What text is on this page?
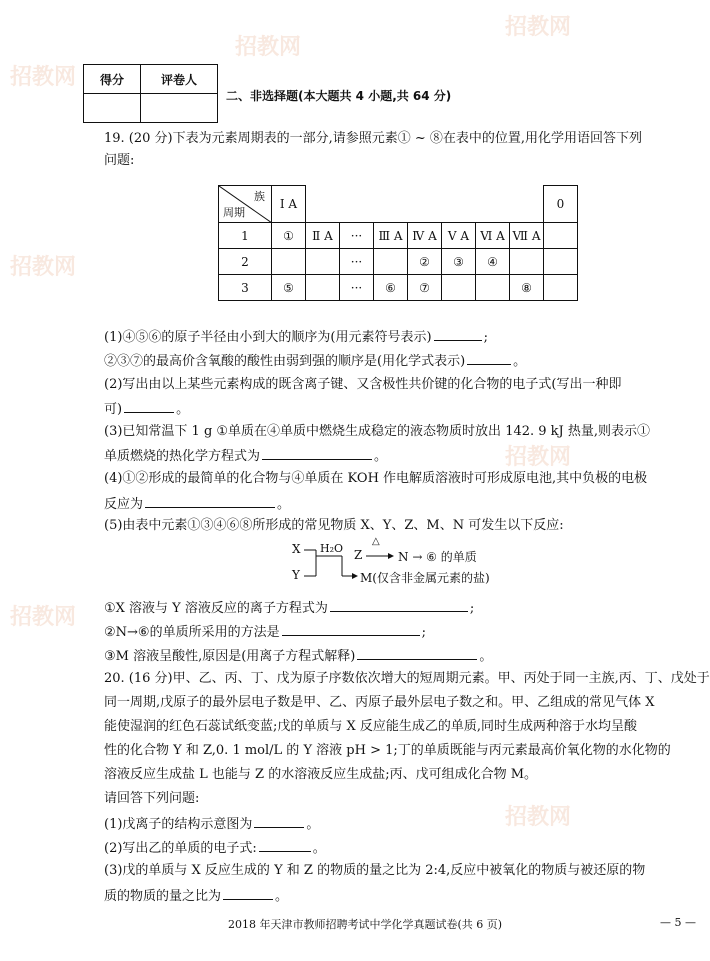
招教网
招教网
招教网
招教网
招教网
招教网
招教网
得分	评卷人

二、非选择题(本大题共 4 小题,共 64 分)
19. (20 分)下表为元素周期表的一部分,请参照元素① ~ ⑧在表中的位置,用化学用语回答下列
问题:
族
周期	Ⅰ A								0
1	①	Ⅱ A	···	Ⅲ A	Ⅳ A	Ⅴ A	Ⅵ A	Ⅶ A	
2			···		②	③	④		
3	⑤		···	⑥	⑦			⑧	
(1)④⑤⑥的原子半径由小到大的顺序为(用元素符号表示)	;
②③⑦的最高价含氧酸的酸性由弱到强的顺序是(用化学式表示)	。
(2)写出由以上某些元素构成的既含离子键、又含极性共价键的化合物的电子式(写出一种即
可)	。
(3)已知常温下 1 g ①单质在④单质中燃烧生成稳定的液态物质时放出 142. 9 kJ 热量,则表示①
单质燃烧的热化学方程式为	。
(4)①②形成的最简单的化合物与④单质在 KOH 作电解质溶液时可形成原电池,其中负极的电极
反应为	。
(5)由表中元素①③④⑥⑧所形成的常见物质 X、Y、Z、M、N 可发生以下反应:
X
Y
H₂O Z
△
N → ⑥ 的单质
M(仅含非金属元素的盐)
①X 溶液与 Y 溶液反应的离子方程式为	;
②N→⑥的单质所采用的方法是	;
③M 溶液呈酸性,原因是(用离子方程式解释)	。
20. (16 分)甲、乙、丙、丁、戊为原子序数依次增大的短周期元素。甲、丙处于同一主族,丙、丁、戊处于
同一周期,戊原子的最外层电子数是甲、乙、丙原子最外层电子数之和。甲、乙组成的常见气体 X
能使湿润的红色石蕊试纸变蓝;戊的单质与 X 反应能生成乙的单质,同时生成两种溶于水均呈酸
性的化合物 Y 和 Z,0. 1 mol/L 的 Y 溶液 pH > 1;丁的单质既能与丙元素最高价氧化物的水化物的
溶液反应生成盐 L 也能与 Z 的水溶液反应生成盐;丙、戊可组成化合物 M。
请回答下列问题:
(1)戊离子的结构示意图为	。
(2)写出乙的单质的电子式:	。
(3)戊的单质与 X 反应生成的 Y 和 Z 的物质的量之比为 2:4,反应中被氧化的物质与被还原的物
质的物质的量之比为	。
2018 年天津市教师招聘考试中学化学真题试卷(共 6 页)	— 5 —
